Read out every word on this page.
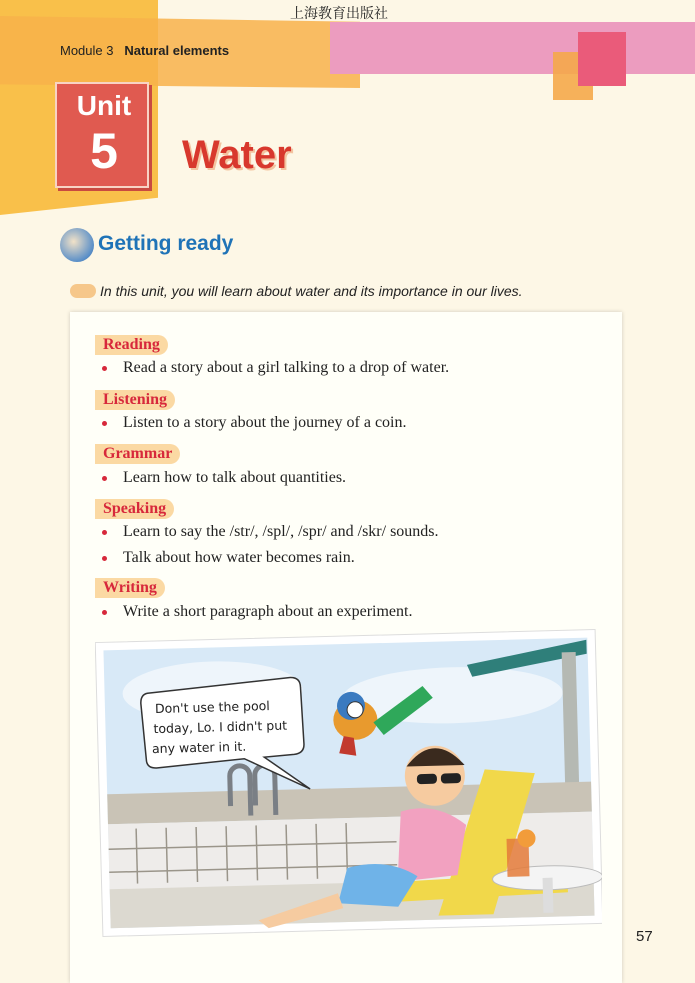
上海教育出版社
Module 3 Natural elements
Unit
5	Water
Getting ready
In this unit, you will learn about water and its importance in our lives.
Reading
Read a story about a girl talking to a drop of water.
Listening
Listen to a story about the journey of a coin.
Grammar
Learn how to talk about quantities.
Speaking
Learn to say the /str/, /spl/, /spr/ and /skr/ sounds.
Talk about how water becomes rain.
Writing
Write a short paragraph about an experiment.
Don't use the pool
today, Lo. I didn't put
any water in it.
57
